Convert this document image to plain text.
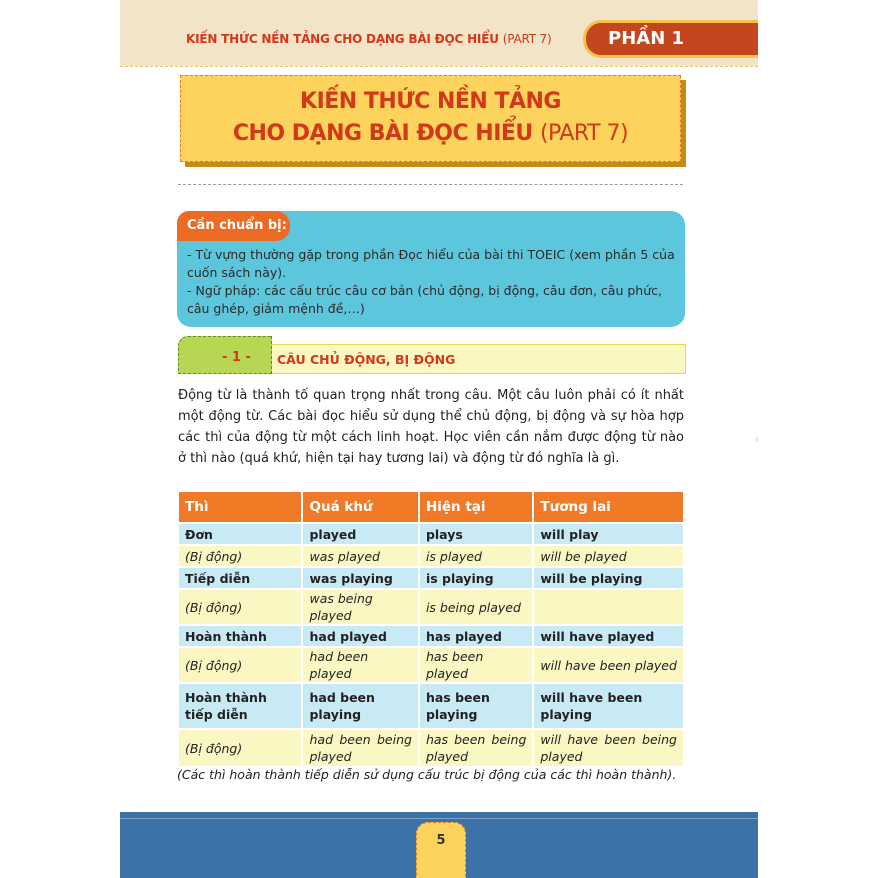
KIẾN THỨC NỀN TẢNG CHO DẠNG BÀI ĐỌC HIỂU (PART 7)	PHẦN 1
KIẾN THỨC NỀN TẢNG
CHO DẠNG BÀI ĐỌC HIỂU (PART 7)
Cần chuẩn bị:
- Từ vựng thường gặp trong phần Đọc hiểu của bài thi TOEIC (xem phần 5 của cuốn sách này).
- Ngữ pháp: các cấu trúc câu cơ bản (chủ động, bị động, câu đơn, câu phức, câu ghép, giảm mệnh đề,…)
- 1 - CÂU CHỦ ĐỘNG, BỊ ĐỘNG
Động từ là thành tố quan trọng nhất trong câu. Một câu luôn phải có ít nhất một động từ. Các bài đọc hiểu sử dụng thể chủ động, bị động và sự hòa hợp các thì của động từ một cách linh hoạt. Học viên cần nắm được động từ nào ở thì nào (quá khứ, hiện tại hay tương lai) và động từ đó nghĩa là gì.
Thì	Quá khứ	Hiện tại	Tương lai
Đơn	played	plays	will play
(Bị động)	was played	is played	will be played
Tiếp diễn	was playing	is playing	will be playing
(Bị động)	was being played	is being played	
Hoàn thành	had played	has played	will have played
(Bị động)	had been played	has been played	will have been played
Hoàn thành tiếp diễn	had been playing	has been playing	will have been playing
(Bị động)	had been being played	has been being played	will have been being played
(Các thì hoàn thành tiếp diễn sử dụng cấu trúc bị động của các thì hoàn thành).
5
⁞
